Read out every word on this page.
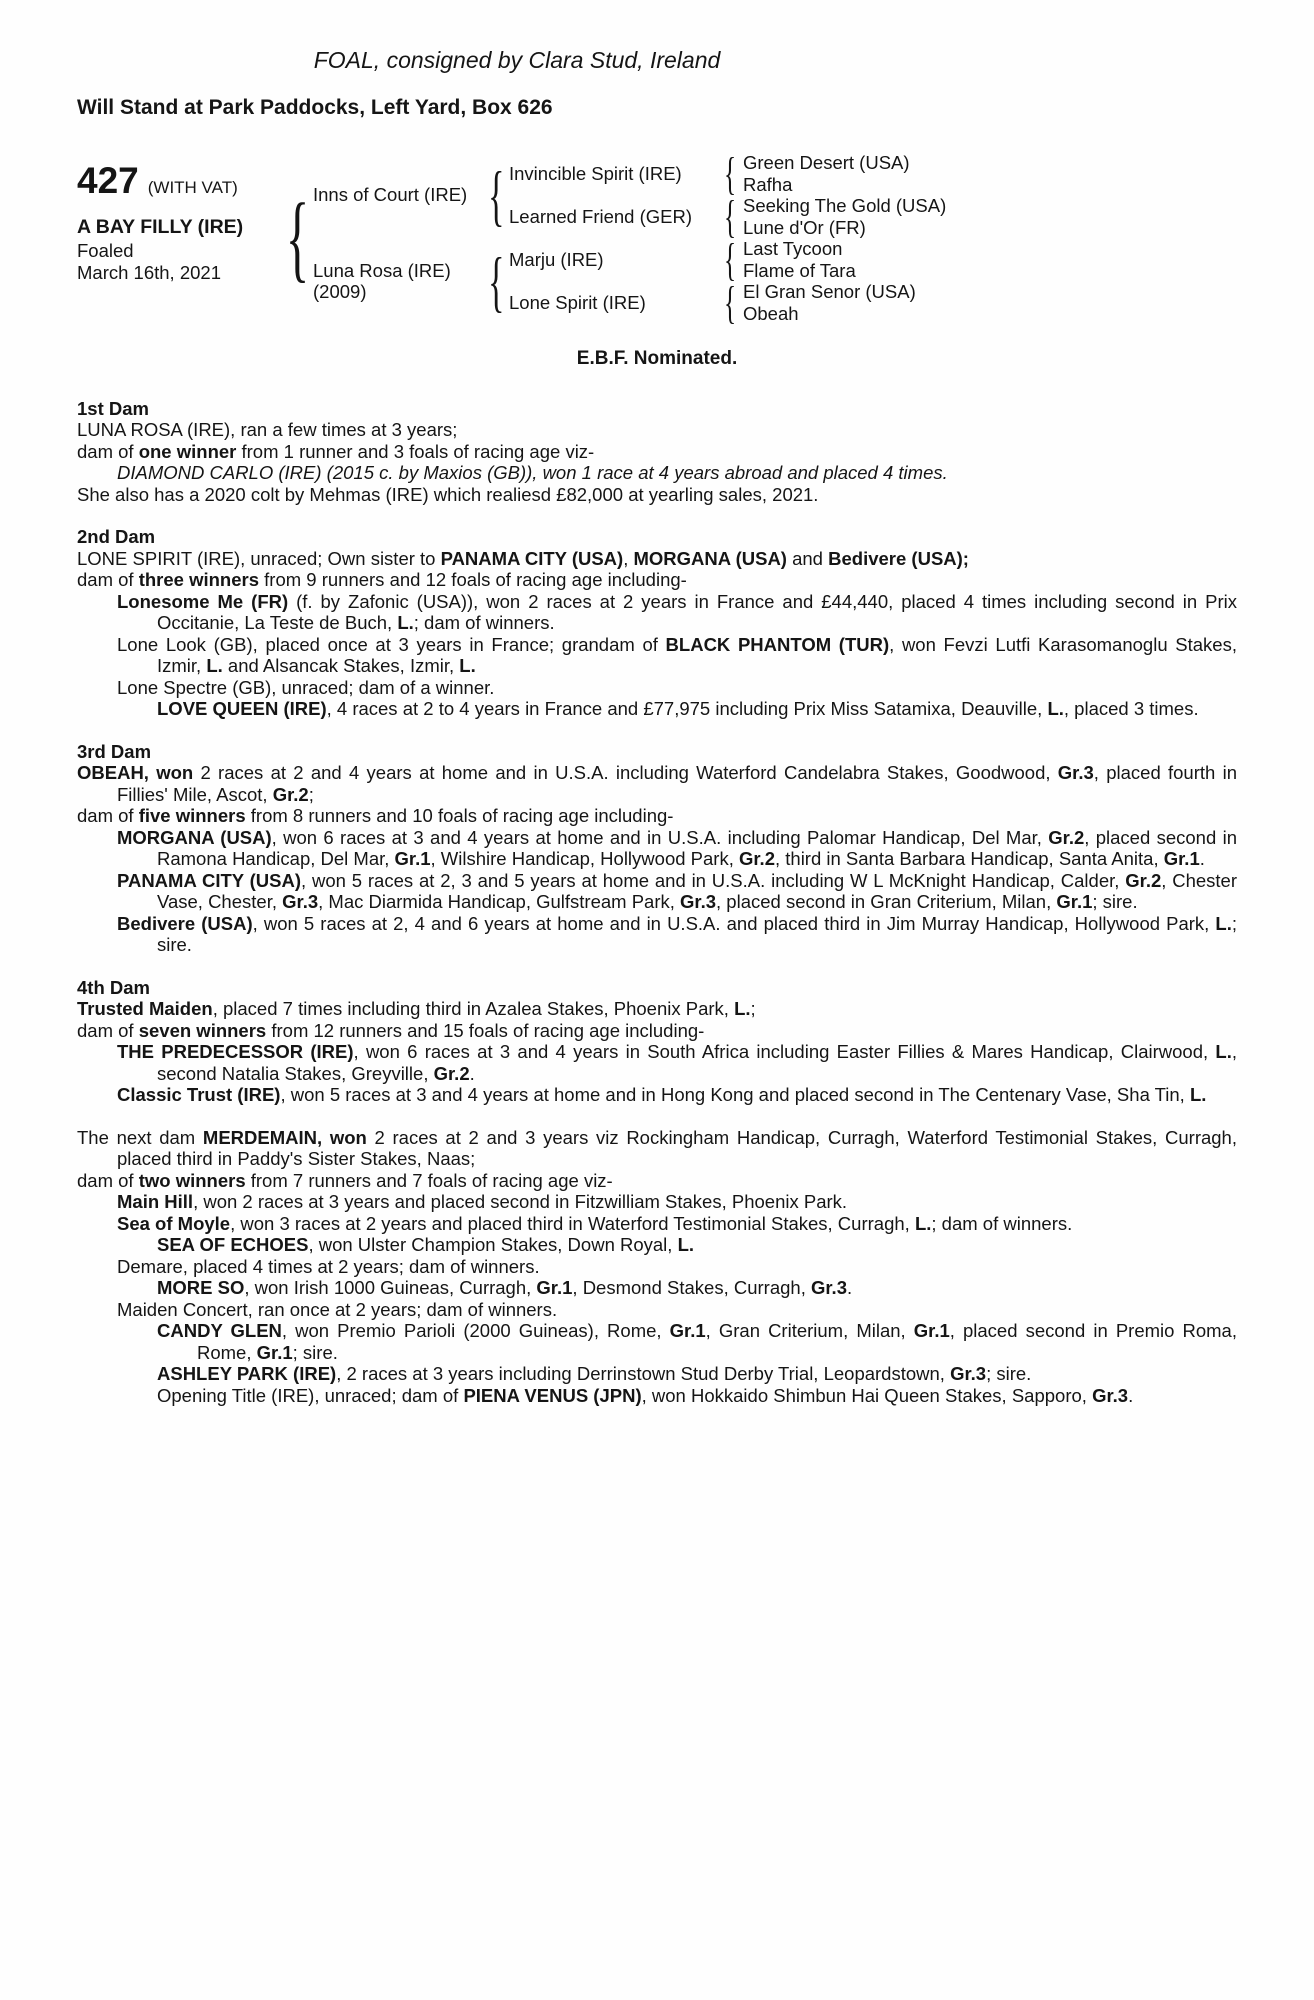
FOAL, consigned by Clara Stud, Ireland
Will Stand at Park Paddocks, Left Yard, Box 626
427 (WITH VAT)
A BAY FILLY (IRE)
Foaled
March 16th, 2021 { Inns of Court (IRE) { Invincible Spirit (IRE) { Green Desert (USA)
Rafha
Learned Friend (GER) { Seeking The Gold (USA)
Lune d'Or (FR)
Luna Rosa (IRE)
(2009)	{ Marju (IRE)	{ Last Tycoon
Flame of Tara
Lone Spirit (IRE) { El Gran Senor (USA)
Obeah
E.B.F. Nominated.
1st Dam

LUNA ROSA (IRE), ran a few times at 3 years;

dam of one winner from 1 runner and 3 foals of racing age viz-

DIAMOND CARLO (IRE) (2015 c. by Maxios (GB)), won 1 race at 4 years abroad and placed 4 times.

She also has a 2020 colt by Mehmas (IRE) which realiesd £82,000 at yearling sales, 2021.

2nd Dam

LONE SPIRIT (IRE), unraced; Own sister to PANAMA CITY (USA), MORGANA (USA) and Bedivere (USA);

dam of three winners from 9 runners and 12 foals of racing age including-

Lonesome Me (FR) (f. by Zafonic (USA)), won 2 races at 2 years in France and £44,440, placed 4 times including second in Prix Occitanie, La Teste de Buch, L.; dam of winners.

Lone Look (GB), placed once at 3 years in France; grandam of BLACK PHANTOM (TUR), won Fevzi Lutfi Karasomanoglu Stakes, Izmir, L. and Alsancak Stakes, Izmir, L.

Lone Spectre (GB), unraced; dam of a winner.

LOVE QUEEN (IRE), 4 races at 2 to 4 years in France and £77,975 including Prix Miss Satamixa, Deauville, L., placed 3 times.

3rd Dam

OBEAH, won 2 races at 2 and 4 years at home and in U.S.A. including Waterford Candelabra Stakes, Goodwood, Gr.3, placed fourth in Fillies' Mile, Ascot, Gr.2;

dam of five winners from 8 runners and 10 foals of racing age including-

MORGANA (USA), won 6 races at 3 and 4 years at home and in U.S.A. including Palomar Handicap, Del Mar, Gr.2, placed second in Ramona Handicap, Del Mar, Gr.1, Wilshire Handicap, Hollywood Park, Gr.2, third in Santa Barbara Handicap, Santa Anita, Gr.1.

PANAMA CITY (USA), won 5 races at 2, 3 and 5 years at home and in U.S.A. including W L McKnight Handicap, Calder, Gr.2, Chester Vase, Chester, Gr.3, Mac Diarmida Handicap, Gulfstream Park, Gr.3, placed second in Gran Criterium, Milan, Gr.1; sire.

Bedivere (USA), won 5 races at 2, 4 and 6 years at home and in U.S.A. and placed third in Jim Murray Handicap, Hollywood Park, L.; sire.

4th Dam

Trusted Maiden, placed 7 times including third in Azalea Stakes, Phoenix Park, L.;

dam of seven winners from 12 runners and 15 foals of racing age including-

THE PREDECESSOR (IRE), won 6 races at 3 and 4 years in South Africa including Easter Fillies & Mares Handicap, Clairwood, L., second Natalia Stakes, Greyville, Gr.2.

Classic Trust (IRE), won 5 races at 3 and 4 years at home and in Hong Kong and placed second in The Centenary Vase, Sha Tin, L.

The next dam MERDEMAIN, won 2 races at 2 and 3 years viz Rockingham Handicap, Curragh, Waterford Testimonial Stakes, Curragh, placed third in Paddy's Sister Stakes, Naas;

dam of two winners from 7 runners and 7 foals of racing age viz-

Main Hill, won 2 races at 3 years and placed second in Fitzwilliam Stakes, Phoenix Park.

Sea of Moyle, won 3 races at 2 years and placed third in Waterford Testimonial Stakes, Curragh, L.; dam of winners.

SEA OF ECHOES, won Ulster Champion Stakes, Down Royal, L.

Demare, placed 4 times at 2 years; dam of winners.

MORE SO, won Irish 1000 Guineas, Curragh, Gr.1, Desmond Stakes, Curragh, Gr.3.

Maiden Concert, ran once at 2 years; dam of winners.

CANDY GLEN, won Premio Parioli (2000 Guineas), Rome, Gr.1, Gran Criterium, Milan, Gr.1, placed second in Premio Roma, Rome, Gr.1; sire.

ASHLEY PARK (IRE), 2 races at 3 years including Derrinstown Stud Derby Trial, Leopardstown, Gr.3; sire.

Opening Title (IRE), unraced; dam of PIENA VENUS (JPN), won Hokkaido Shimbun Hai Queen Stakes, Sapporo, Gr.3.
